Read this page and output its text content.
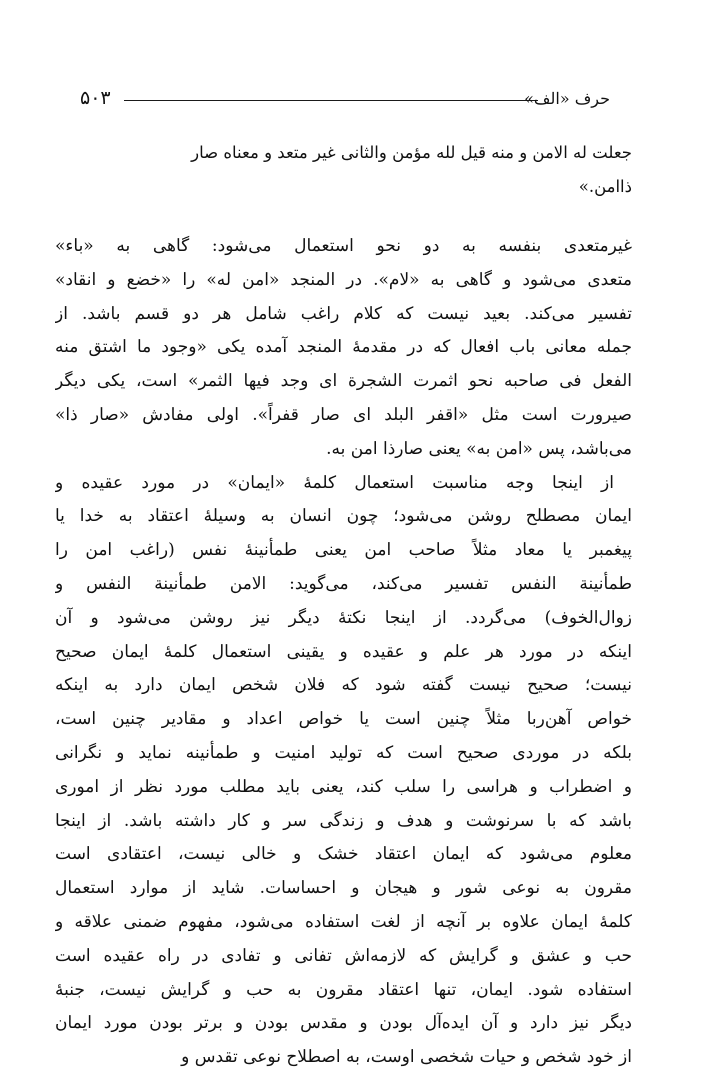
۵۰۳	حرف «الف»

جعلت له الامن و منه قیل لله مؤمن والثانی غیر متعد و معناه صار

ذاامن.»

غیرمتعدی بنفسه به دو نحو استعمال می‌شود: گاهی به «باء»
متعدی می‌شود و گاهی به «لام». در المنجد «امن له» را «خضع و انقاد»
تفسیر می‌کند. بعید نیست که کلام راغب شامل هر دو قسم باشد. از
جمله معانی باب افعال که در مقدمهٔ المنجد آمده یکی «وجود ما اشتق منه
الفعل فی صاحبه نحو اثمرت الشجرة ای وجد فیها الثمر» است، یکی دیگر
صیرورت است مثل «اقفر البلد ای صار قفراً». اولی مفادش «صار ذا»
می‌باشد، پس «امن به» یعنی صارذا امن به.
از اینجا وجه مناسبت استعمال کلمهٔ «ایمان» در مورد عقیده و
ایمان مصطلح روشن می‌شود؛ چون انسان به وسیلهٔ اعتقاد به خدا یا
پیغمبر یا معاد مثلاً صاحب امن یعنی طمأنینهٔ نفس (راغب امن را
طمأنینة النفس تفسیر می‌کند، می‌گوید: الامن طمأنینة النفس و
زوال‌الخوف) می‌گردد. از اینجا نکتهٔ دیگر نیز روشن می‌شود و آن
اینکه در مورد هر علم و عقیده و یقینی استعمال کلمهٔ ایمان صحیح
نیست؛ صحیح نیست گفته شود که فلان شخص ایمان دارد به اینکه
خواص آهن‌ربا مثلاً چنین است یا خواص اعداد و مقادیر چنین است،
بلکه در موردی صحیح است که تولید امنیت و طمأنینه نماید و نگرانی
و اضطراب و هراسی را سلب کند، یعنی باید مطلب مورد نظر از اموری
باشد که با سرنوشت و هدف و زندگی سر و کار داشته باشد. از اینجا
معلوم می‌شود که ایمان اعتقاد خشک و خالی نیست، اعتقادی است
مقرون به نوعی شور و هیجان و احساسات. شاید از موارد استعمال
کلمهٔ ایمان علاوه بر آنچه از لغت استفاده می‌شود، مفهوم ضمنی علاقه و
حب و عشق و گرایش که لازمه‌اش تفانی و تفادی در راه عقیده است
استفاده شود. ایمان، تنها اعتقاد مقرون به حب و گرایش نیست، جنبهٔ
دیگر نیز دارد و آن ایده‌آل بودن و مقدس بودن و برتر بودن مورد ایمان
از خود شخص و حیات شخصی اوست، به اصطلاح نوعی تقدس و
